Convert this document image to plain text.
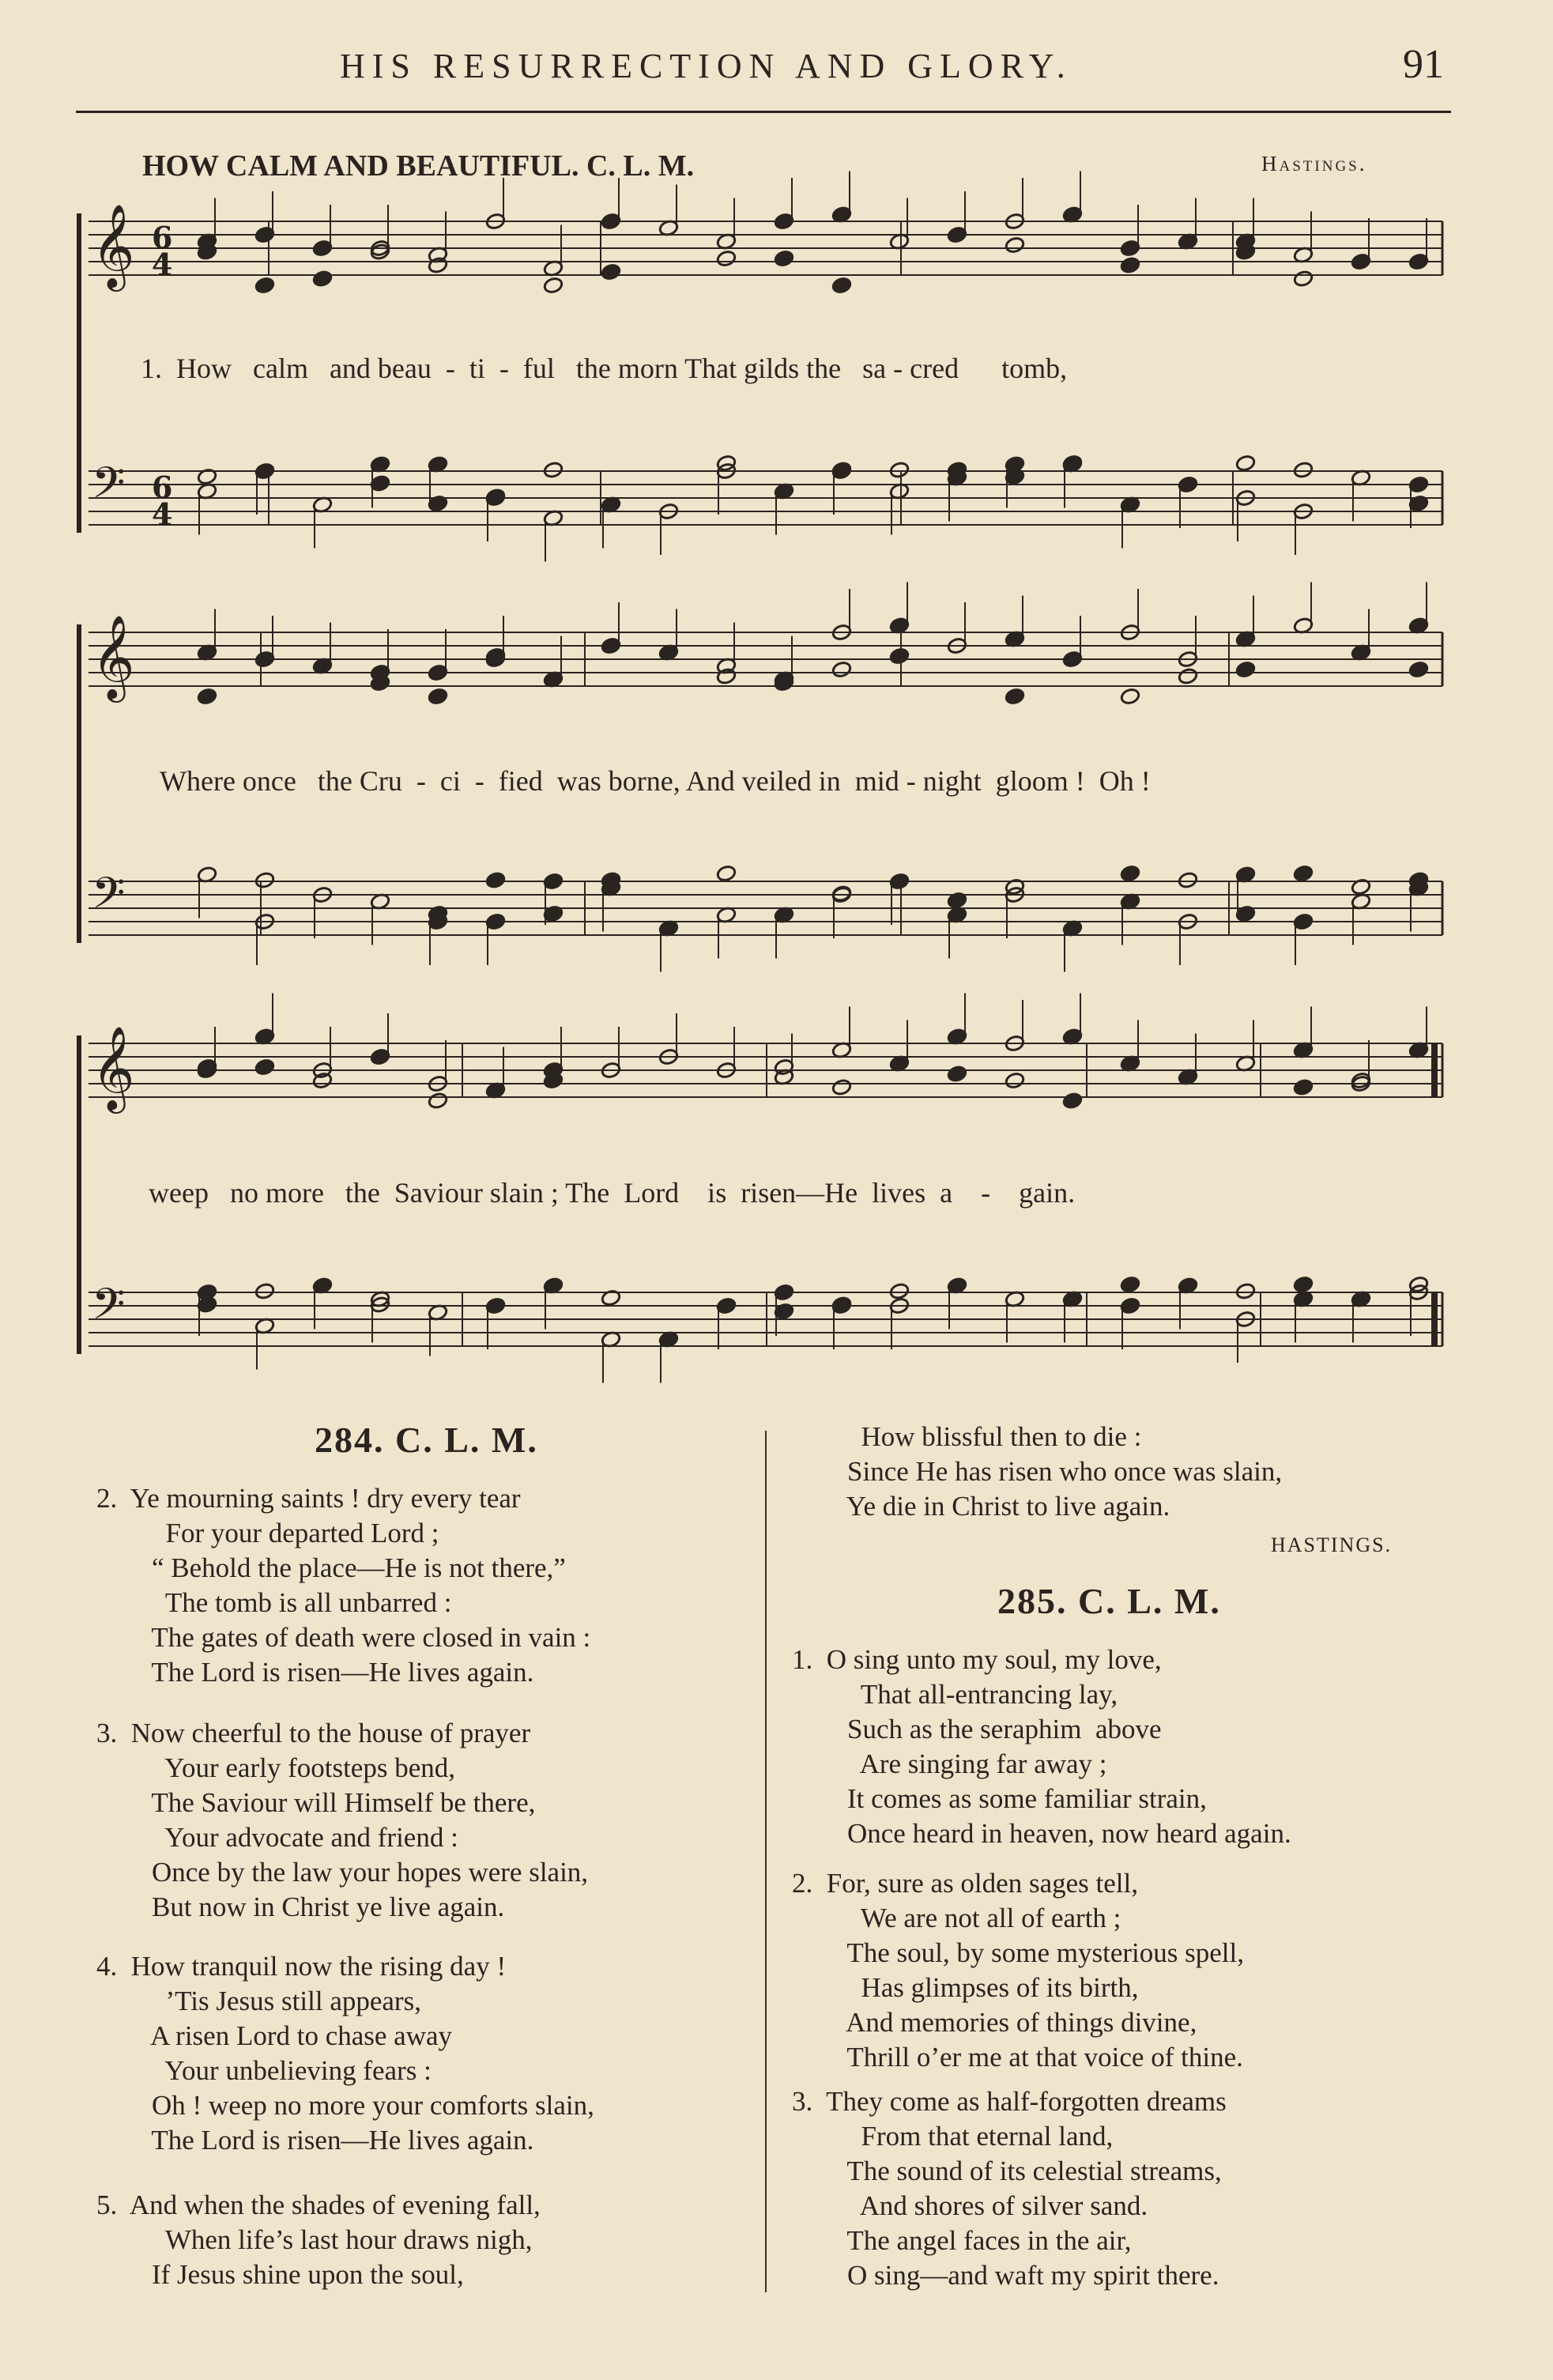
HIS RESURRECTION AND GLORY.	91
HOW CALM AND BEAUTIFUL. C. L. M.	Hastings.
𝄞 6
4
𝄢 6
4
𝄞
𝄢
𝄞
𝄢
1.  How   calm   and beau  -  ti  -  ful   the morn That gilds the   sa - cred      tomb,
Where once   the Cru  -  ci  -  fied  was borne, And veiled in  mid - night  gloom !  Oh !
weep   no more   the  Saviour slain ; The  Lord    is  risen—He  lives  a    -    gain.
284. C. L. M.
2.  Ye mourning saints ! dry every tear
For your departed Lord ;
“ Behold the place—He is not there,”
The tomb is all unbarred :
The gates of death were closed in vain :
The Lord is risen—He lives again.
3.  Now cheerful to the house of prayer
Your early footsteps bend,
The Saviour will Himself be there,
Your advocate and friend :
Once by the law your hopes were slain,
But now in Christ ye live again.
4.  How tranquil now the rising day !
’Tis Jesus still appears,
A risen Lord to chase away
Your unbelieving fears :
Oh ! weep no more your comforts slain,
The Lord is risen—He lives again.
5.  And when the shades of evening fall,
When life’s last hour draws nigh,
If Jesus shine upon the soul,
How blissful then to die :
Since He has risen who once was slain,
Ye die in Christ to live again.
HASTINGS.
285. C. L. M.
1.  O sing unto my soul, my love,
That all-entrancing lay,
Such as the seraphim  above
Are singing far away ;
It comes as some familiar strain,
Once heard in heaven, now heard again.
2.  For, sure as olden sages tell,
We are not all of earth ;
The soul, by some mysterious spell,
Has glimpses of its birth,
And memories of things divine,
Thrill o’er me at that voice of thine.
3.  They come as half-forgotten dreams
From that eternal land,
The sound of its celestial streams,
And shores of silver sand.
The angel faces in the air,
O sing—and waft my spirit there.
